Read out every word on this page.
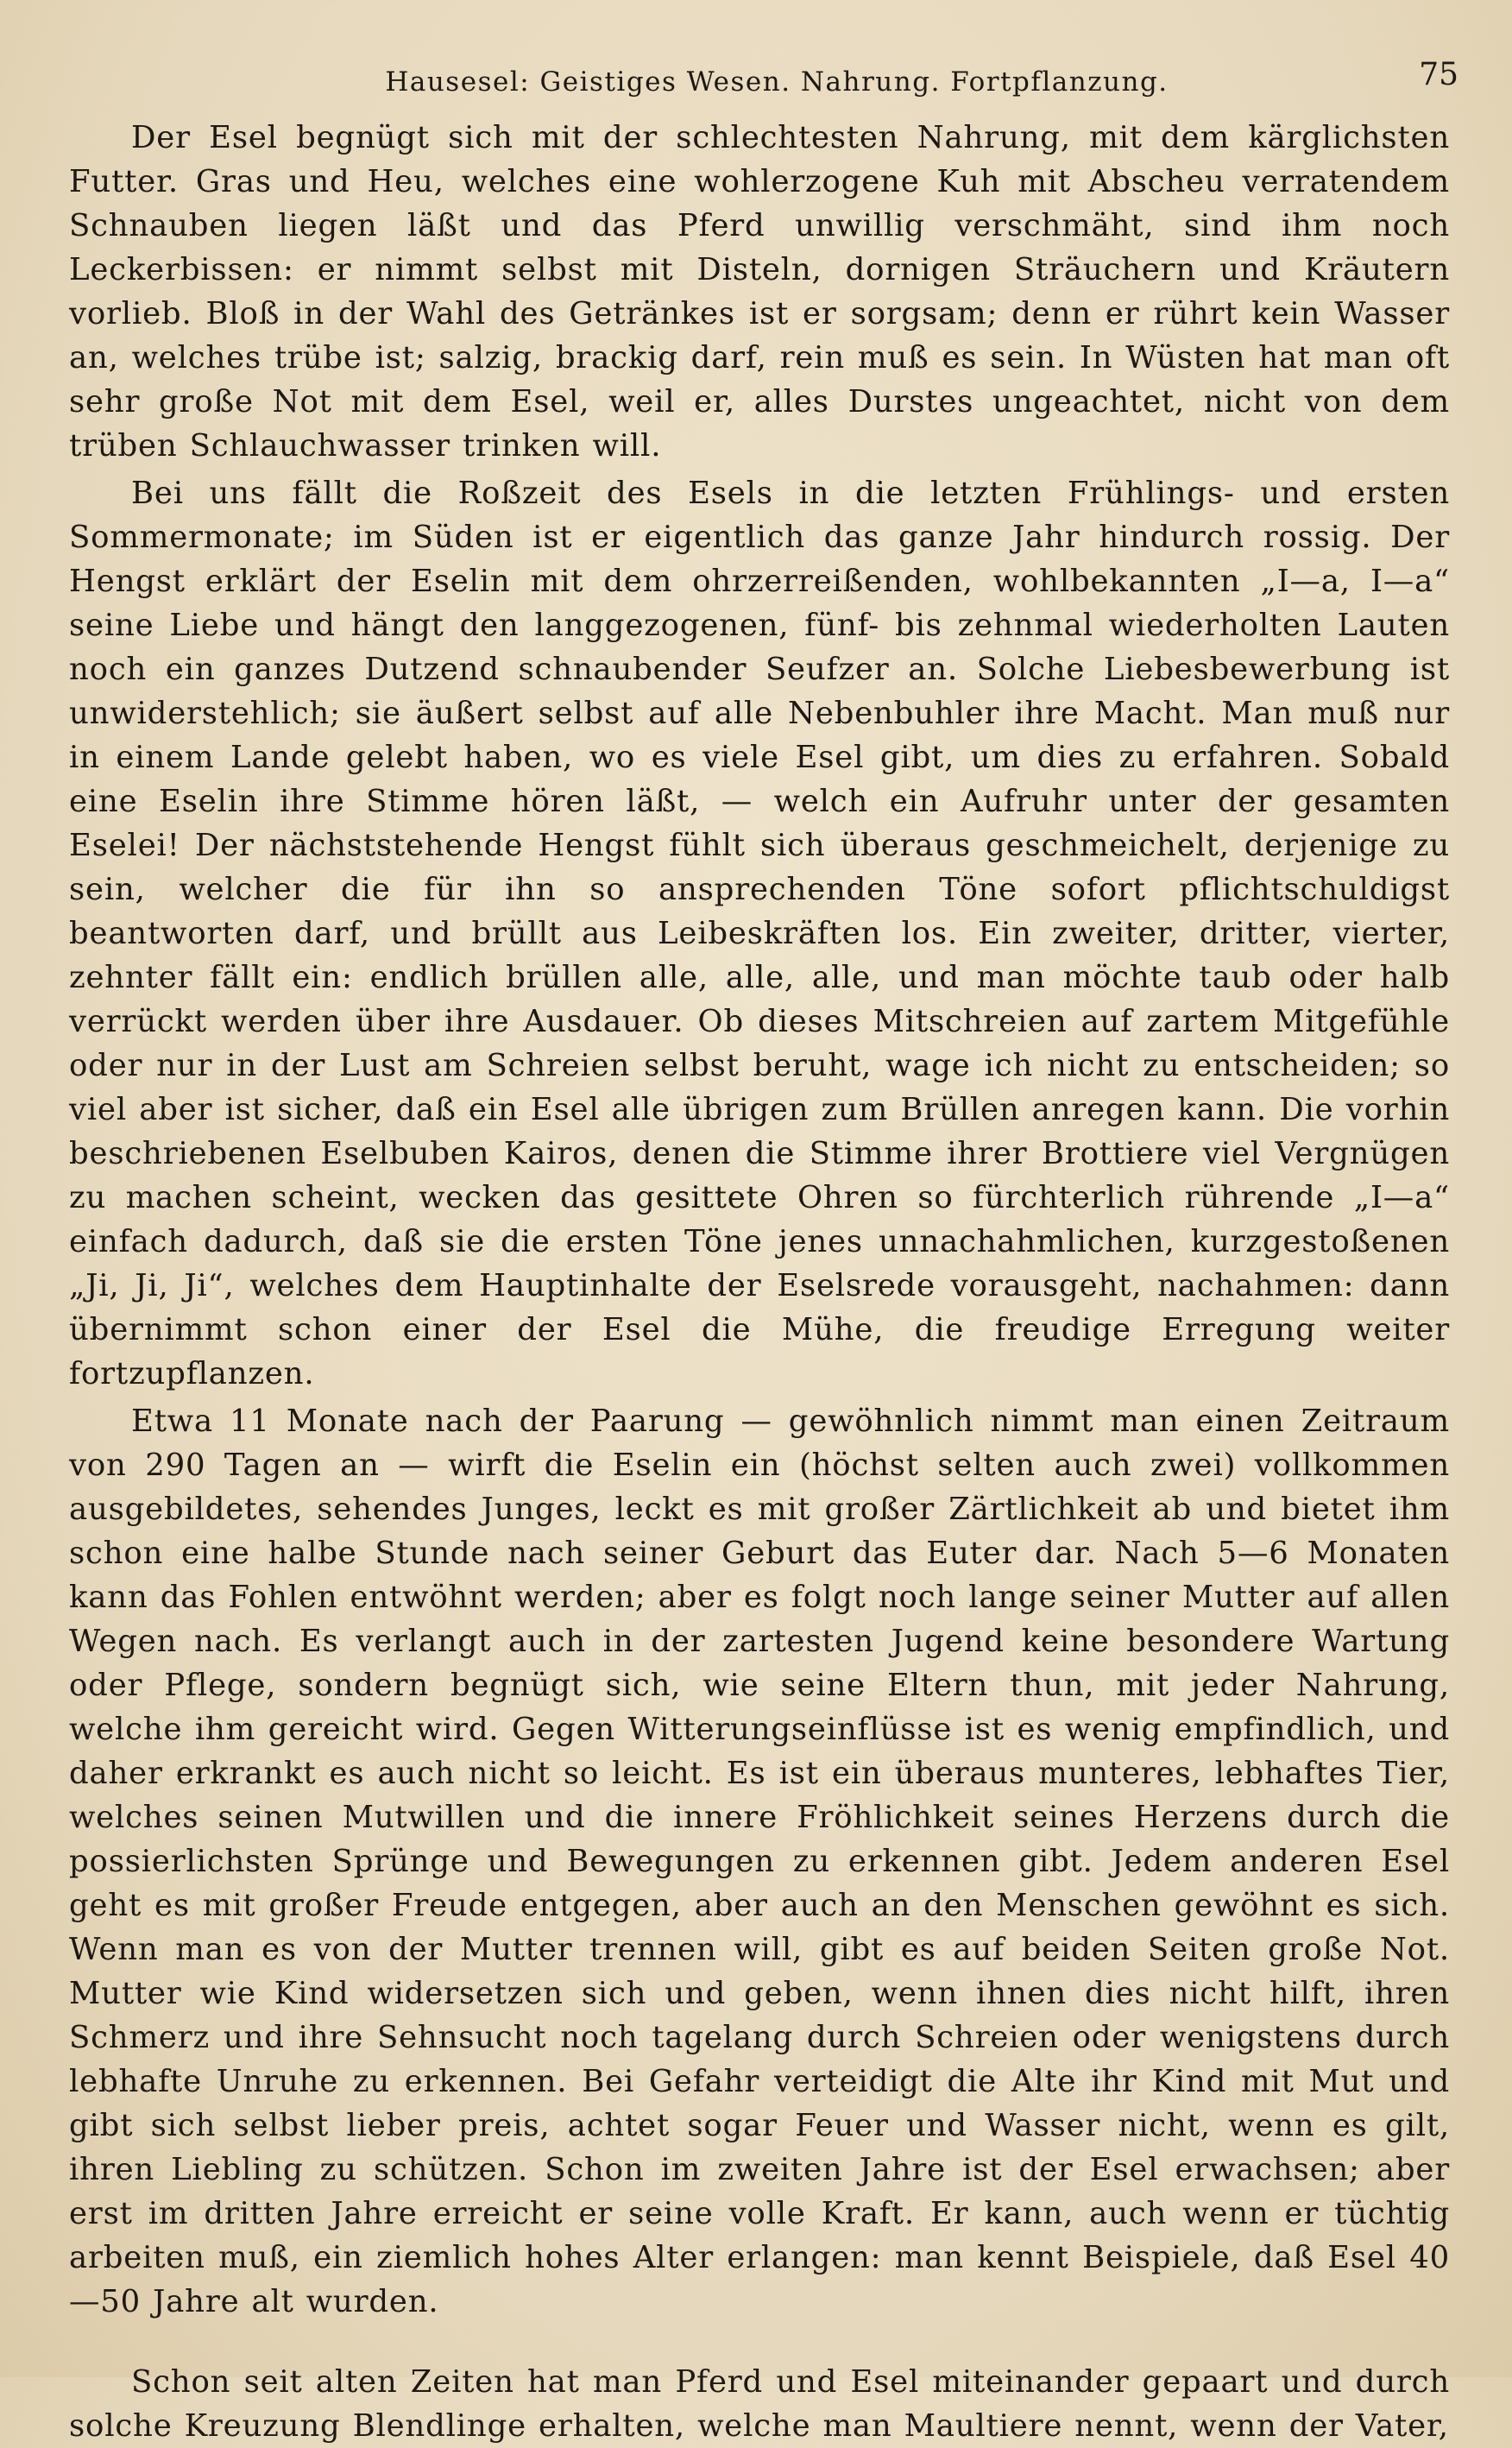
Hausesel: Geistiges Wesen. Nahrung. Fortpflanzung.	75

Der Esel begnügt sich mit der schlechtesten Nahrung, mit dem kärglichsten Futter. Gras und Heu, welches eine wohlerzogene Kuh mit Abscheu verratendem Schnauben liegen läßt und das Pferd unwillig verschmäht, sind ihm noch Leckerbissen: er nimmt selbst mit Disteln, dornigen Sträuchern und Kräutern vorlieb. Bloß in der Wahl des Getränkes ist er sorgsam; denn er rührt kein Wasser an, welches trübe ist; salzig, brackig darf, rein muß es sein. In Wüsten hat man oft sehr große Not mit dem Esel, weil er, alles Durstes ungeachtet, nicht von dem trüben Schlauchwasser trinken will.

Bei uns fällt die Roßzeit des Esels in die letzten Frühlings- und ersten Sommermonate; im Süden ist er eigentlich das ganze Jahr hindurch rossig. Der Hengst erklärt der Eselin mit dem ohrzerreißenden, wohlbekannten „I—a, I—a“ seine Liebe und hängt den langgezogenen, fünf- bis zehnmal wiederholten Lauten noch ein ganzes Dutzend schnaubender Seufzer an. Solche Liebesbewerbung ist unwiderstehlich; sie äußert selbst auf alle Nebenbuhler ihre Macht. Man muß nur in einem Lande gelebt haben, wo es viele Esel gibt, um dies zu erfahren. Sobald eine Eselin ihre Stimme hören läßt, — welch ein Aufruhr unter der gesamten Eselei! Der nächststehende Hengst fühlt sich überaus geschmeichelt, derjenige zu sein, welcher die für ihn so ansprechenden Töne sofort pflichtschuldigst beantworten darf, und brüllt aus Leibeskräften los. Ein zweiter, dritter, vierter, zehnter fällt ein: endlich brüllen alle, alle, alle, und man möchte taub oder halb verrückt werden über ihre Ausdauer. Ob dieses Mitschreien auf zartem Mitgefühle oder nur in der Lust am Schreien selbst beruht, wage ich nicht zu entscheiden; so viel aber ist sicher, daß ein Esel alle übrigen zum Brüllen anregen kann. Die vorhin beschriebenen Eselbuben Kairos, denen die Stimme ihrer Brottiere viel Vergnügen zu machen scheint, wecken das gesittete Ohren so fürchterlich rührende „I—a“ einfach dadurch, daß sie die ersten Töne jenes unnachahmlichen, kurzgestoßenen „Ji, Ji, Ji“, welches dem Hauptinhalte der Eselsrede vorausgeht, nachahmen: dann übernimmt schon einer der Esel die Mühe, die freudige Erregung weiter fortzupflanzen.

Etwa 11 Monate nach der Paarung — gewöhnlich nimmt man einen Zeitraum von 290 Tagen an — wirft die Eselin ein (höchst selten auch zwei) vollkommen ausgebildetes, sehendes Junges, leckt es mit großer Zärtlichkeit ab und bietet ihm schon eine halbe Stunde nach seiner Geburt das Euter dar. Nach 5—6 Monaten kann das Fohlen entwöhnt werden; aber es folgt noch lange seiner Mutter auf allen Wegen nach. Es verlangt auch in der zartesten Jugend keine besondere Wartung oder Pflege, sondern begnügt sich, wie seine Eltern thun, mit jeder Nahrung, welche ihm gereicht wird. Gegen Witterungseinflüsse ist es wenig empfindlich, und daher erkrankt es auch nicht so leicht. Es ist ein überaus munteres, lebhaftes Tier, welches seinen Mutwillen und die innere Fröhlichkeit seines Herzens durch die possierlichsten Sprünge und Bewegungen zu erkennen gibt. Jedem anderen Esel geht es mit großer Freude entgegen, aber auch an den Menschen gewöhnt es sich. Wenn man es von der Mutter trennen will, gibt es auf beiden Seiten große Not. Mutter wie Kind widersetzen sich und geben, wenn ihnen dies nicht hilft, ihren Schmerz und ihre Sehnsucht noch tagelang durch Schreien oder wenigstens durch lebhafte Unruhe zu erkennen. Bei Gefahr verteidigt die Alte ihr Kind mit Mut und gibt sich selbst lieber preis, achtet sogar Feuer und Wasser nicht, wenn es gilt, ihren Liebling zu schützen. Schon im zweiten Jahre ist der Esel erwachsen; aber erst im dritten Jahre erreicht er seine volle Kraft. Er kann, auch wenn er tüchtig arbeiten muß, ein ziemlich hohes Alter erlangen: man kennt Beispiele, daß Esel 40—50 Jahre alt wurden.

Schon seit alten Zeiten hat man Pferd und Esel miteinander gepaart und durch solche Kreuzung Blendlinge erhalten, welche man Maultiere nennt, wenn der Vater,
